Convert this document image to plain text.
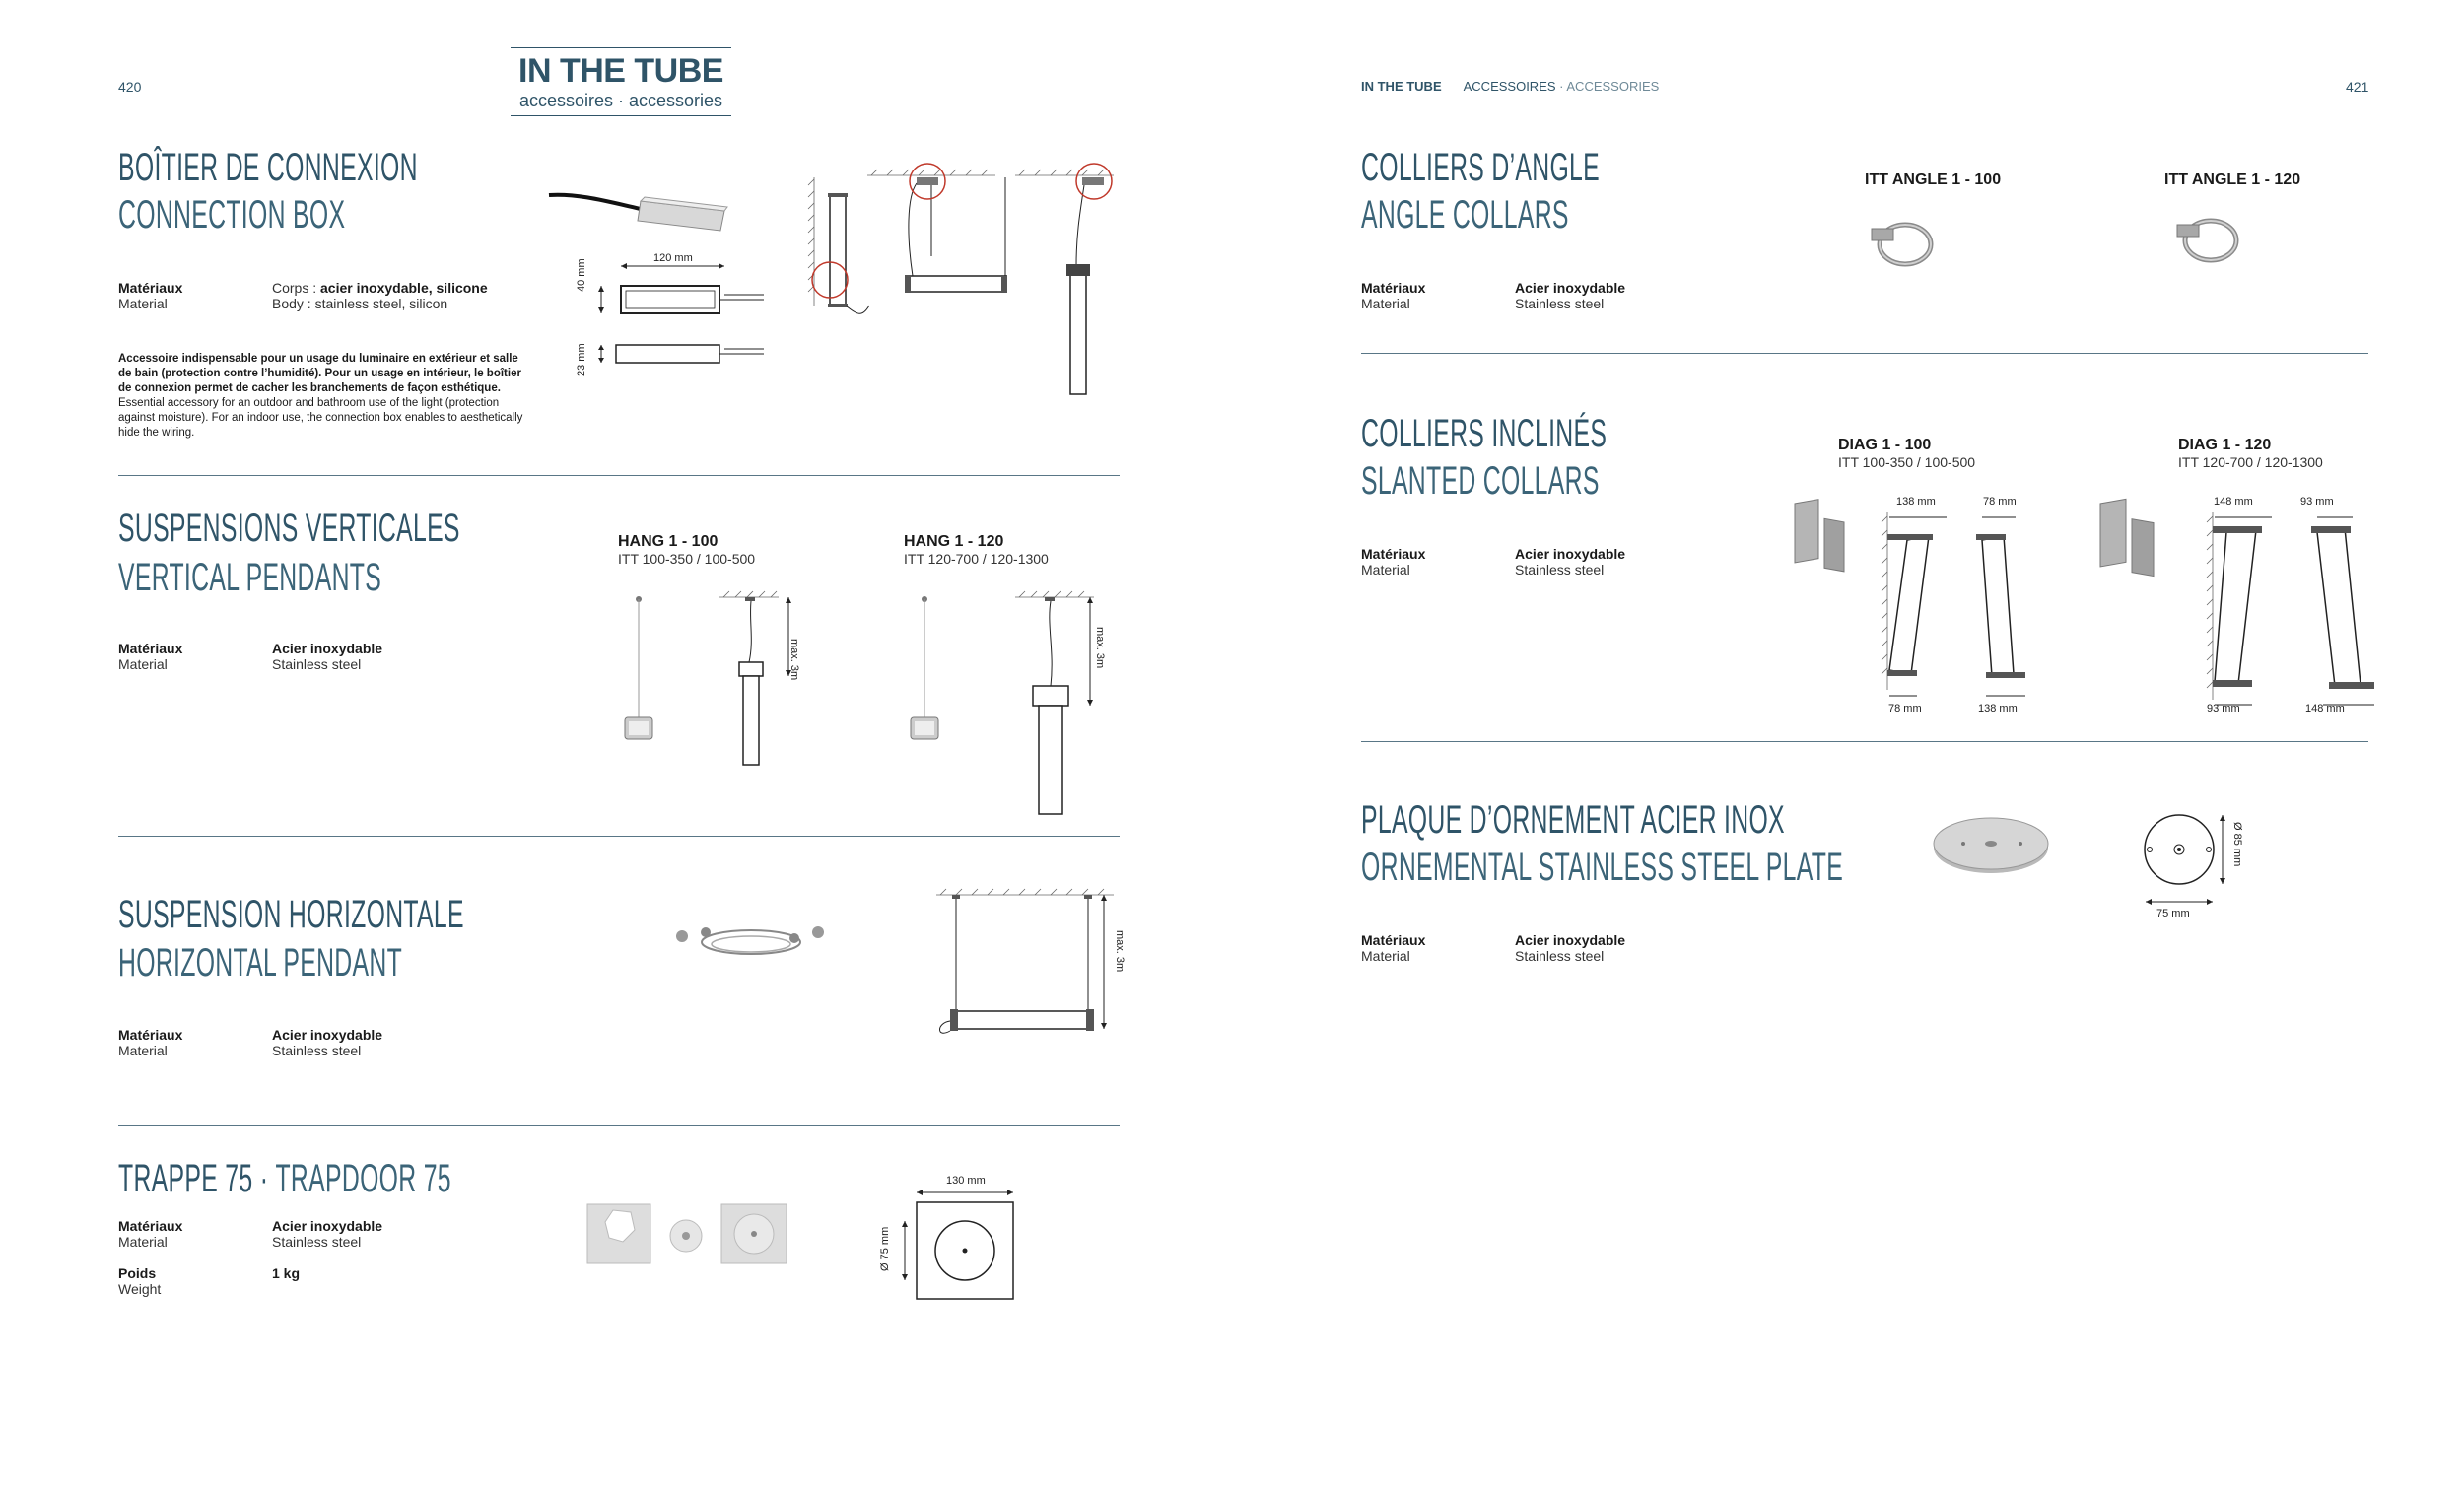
420	IN THE TUBE
accessoires · accessories
IN THE TUBE ACCESSOIRES · ACCESSORIES	421
BOÎTIER DE CONNEXION
CONNECTION BOX
Matériaux
Material
Corps : acier inoxydable, silicone
Body : stainless steel, silicon
Accessoire indispensable pour un usage du luminaire en extérieur et salle de bain (protection contre l’humidité). Pour un usage en intérieur, le boîtier de connexion permet de cacher les branchements de façon esthétique.
Essential accessory for an outdoor and bathroom use of the light (protection against moisture). For an indoor use, the connection box enables to aesthetically hide the wiring.
120 mm
40 mm
23 mm
SUSPENSIONS VERTICALES
VERTICAL PENDANTS
Matériaux
Material
Acier inoxydable
Stainless steel
HANG 1 - 100
ITT 100-350 / 100-500
HANG 1 - 120
ITT 120-700 / 120-1300
max. 3m	max. 3m
SUSPENSION HORIZONTALE
HORIZONTAL PENDANT
Matériaux
Material
Acier inoxydable
Stainless steel
max. 3m
TRAPPE 75 · TRAPDOOR 75
Matériaux
Material
Acier inoxydable
Stainless steel
Poids
Weight
1 kg
130 mm
Ø 75 mm
COLLIERS D’ANGLE
ANGLE COLLARS
Matériaux
Material
Acier inoxydable
Stainless steel
ITT ANGLE 1 - 100	ITT ANGLE 1 - 120
COLLIERS INCLINÉS
SLANTED COLLARS
Matériaux
Material
Acier inoxydable
Stainless steel
DIAG 1 - 100
ITT 100-350 / 100-500
DIAG 1 - 120
ITT 120-700 / 120-1300
138 mm	78 mm
78 mm	138 mm
148 mm	93 mm
93 mm	148 mm
PLAQUE D’ORNEMENT ACIER INOX
ORNEMENTAL STAINLESS STEEL PLATE
Matériaux
Material
Acier inoxydable
Stainless steel
75 mm
Ø 85 mm
